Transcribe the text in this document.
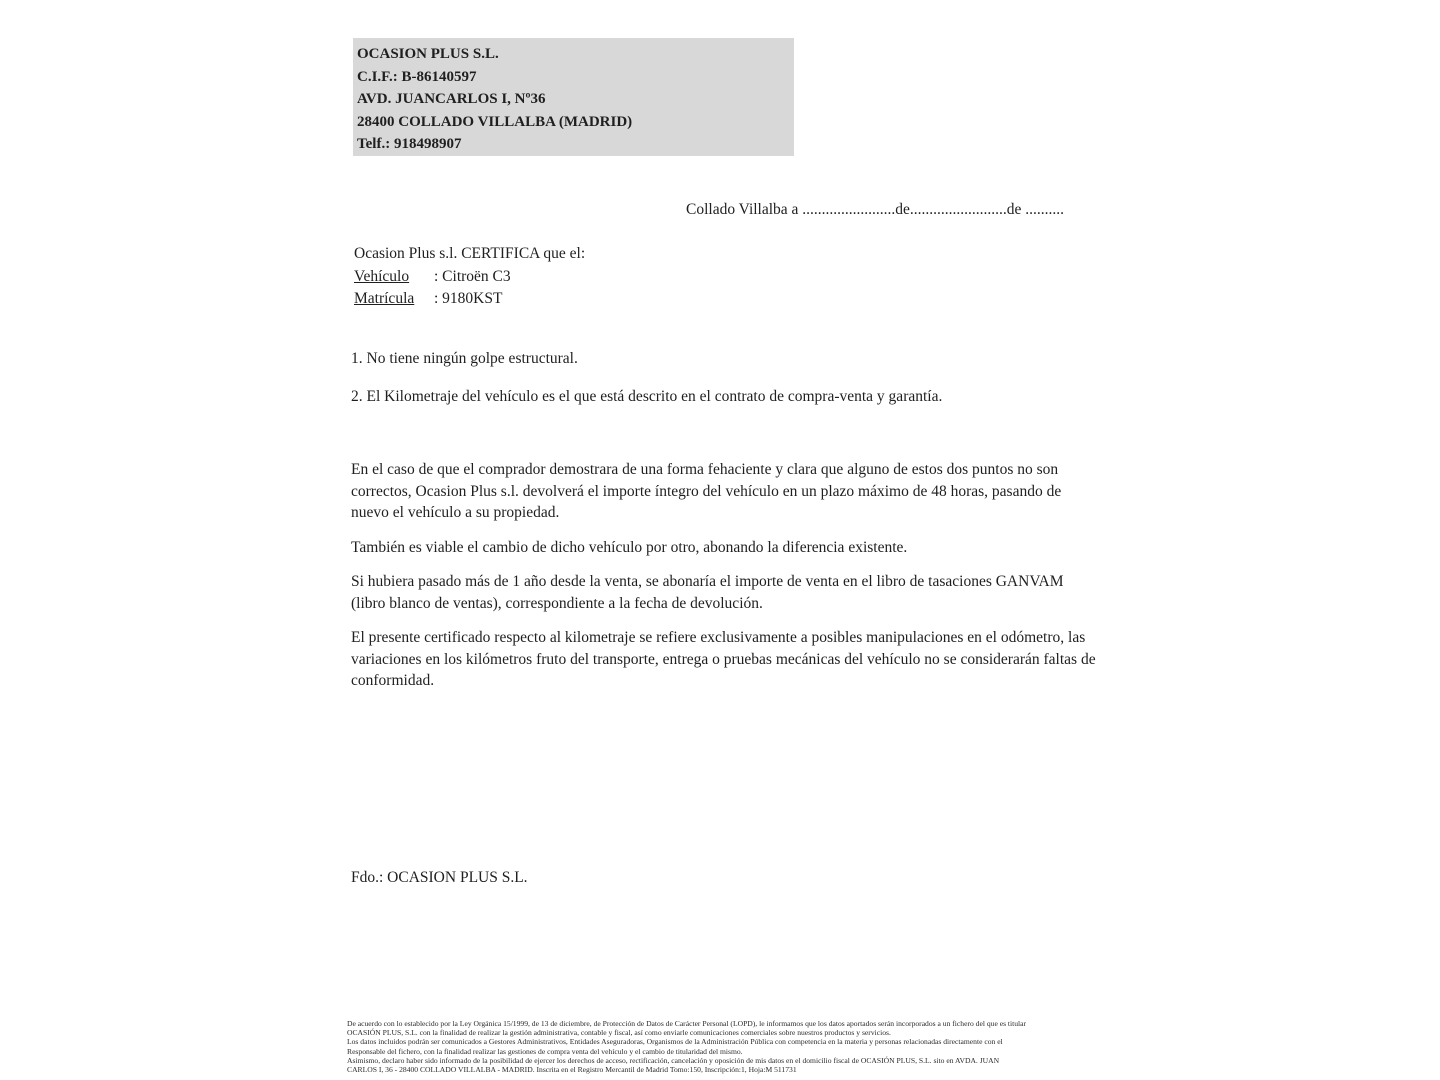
OCASION PLUS S.L.
C.I.F.: B-86140597
AVD. JUANCARLOS I, Nº36
28400 COLLADO VILLALBA (MADRID)
Telf.: 918498907
Collado Villalba a ........................de.........................de ..........
Ocasion Plus s.l. CERTIFICA que el:
Vehículo : Citroën C3
Matrícula : 9180KST
1. No tiene ningún golpe estructural.
2. El Kilometraje del vehículo es el que está descrito en el contrato de compra-venta y garantía.

En el caso de que el comprador demostrara de una forma fehaciente y clara que alguno de estos dos puntos no son correctos, Ocasion Plus s.l. devolverá el importe íntegro del vehículo en un plazo máximo de 48 horas, pasando de nuevo el vehículo a su propiedad.

También es viable el cambio de dicho vehículo por otro, abonando la diferencia existente.

Si hubiera pasado más de 1 año desde la venta, se abonaría el importe de venta en el libro de tasaciones GANVAM (libro blanco de ventas), correspondiente a la fecha de devolución.

El presente certificado respecto al kilometraje se refiere exclusivamente a posibles manipulaciones en el odómetro, las variaciones en los kilómetros fruto del transporte, entrega o pruebas mecánicas del vehículo no se considerarán faltas de conformidad.

Fdo.: OCASION PLUS S.L.
De acuerdo con lo establecido por la Ley Orgánica 15/1999, de 13 de diciembre, de Protección de Datos de Carácter Personal (LOPD), le informamos que los datos aportados serán incorporados a un fichero del que es titular
OCASIÓN PLUS, S.L. con la finalidad de realizar la gestión administrativa, contable y fiscal, así como enviarle comunicaciones comerciales sobre nuestros productos y servicios.
Los datos incluidos podrán ser comunicados a Gestores Administrativos, Entidades Aseguradoras, Organismos de la Administración Pública con competencia en la materia y personas relacionadas directamente con el
Responsable del fichero, con la finalidad realizar las gestiones de compra venta del vehículo y el cambio de titularidad del mismo.
Asimismo, declaro haber sido informado de la posibilidad de ejercer los derechos de acceso, rectificación, cancelación y oposición de mis datos en el domicilio fiscal de OCASIÓN PLUS, S.L. sito en AVDA. JUAN
CARLOS I, 36 - 28400 COLLADO VILLALBA - MADRID. Inscrita en el Registro Mercantil de Madrid Tomo:150, Inscripción:1, Hoja:M 511731
